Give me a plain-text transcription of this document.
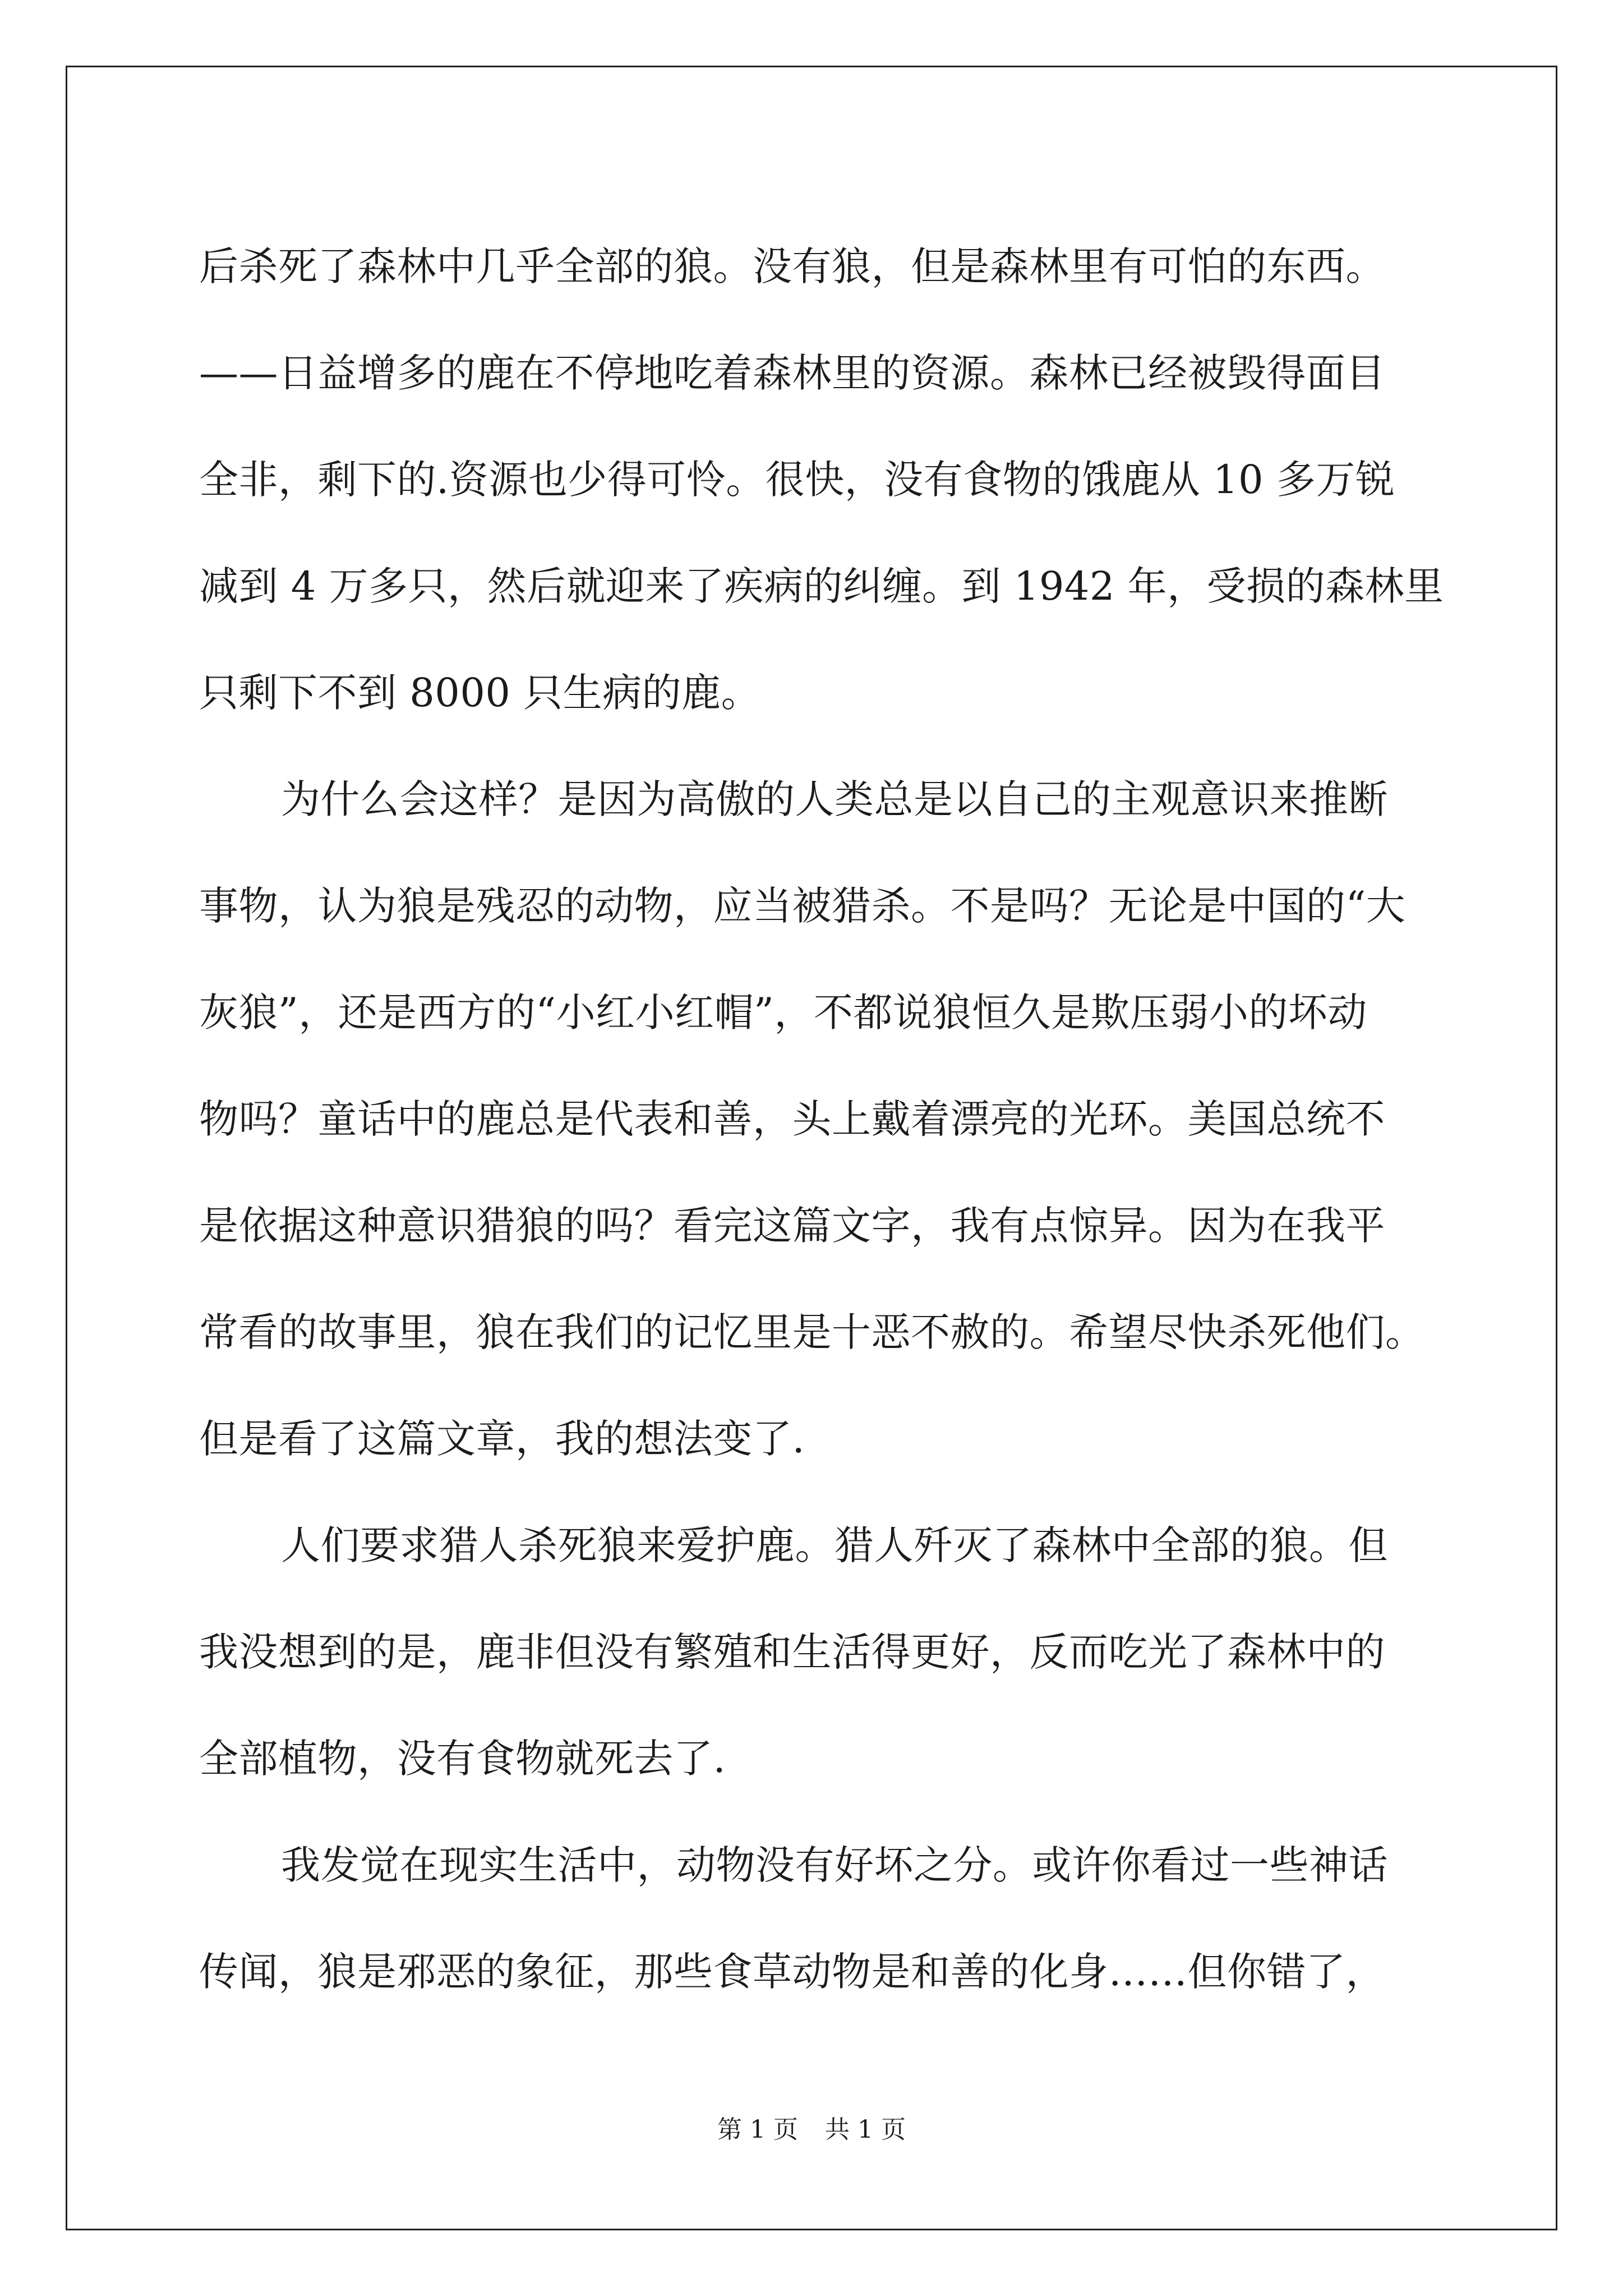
后杀死了森林中几乎全部的狼。没有狼，但是森林里有可怕的东西。
——日益增多的鹿在不停地吃着森林里的资源。森林已经被毁得面目
全非，剩下的.资源也少得可怜。很快，没有食物的饿鹿从 10 多万锐
减到 4 万多只，然后就迎来了疾病的纠缠。到 1942 年，受损的森林里
只剩下不到 8000 只生病的鹿。
为什么会这样？是因为高傲的人类总是以自己的主观意识来推断
事物，认为狼是残忍的动物，应当被猎杀。不是吗？无论是中国的“大
灰狼”，还是西方的“小红小红帽”，不都说狼恒久是欺压弱小的坏动
物吗？童话中的鹿总是代表和善，头上戴着漂亮的光环。美国总统不
是依据这种意识猎狼的吗？看完这篇文字，我有点惊异。因为在我平
常看的故事里，狼在我们的记忆里是十恶不赦的。希望尽快杀死他们。
但是看了这篇文章，我的想法变了.
人们要求猎人杀死狼来爱护鹿。猎人歼灭了森林中全部的狼。但
我没想到的是，鹿非但没有繁殖和生活得更好，反而吃光了森林中的
全部植物，没有食物就死去了.
我发觉在现实生活中，动物没有好坏之分。或许你看过一些神话
传闻，狼是邪恶的象征，那些食草动物是和善的化身……但你错了，
第 1 页 共 1 页
